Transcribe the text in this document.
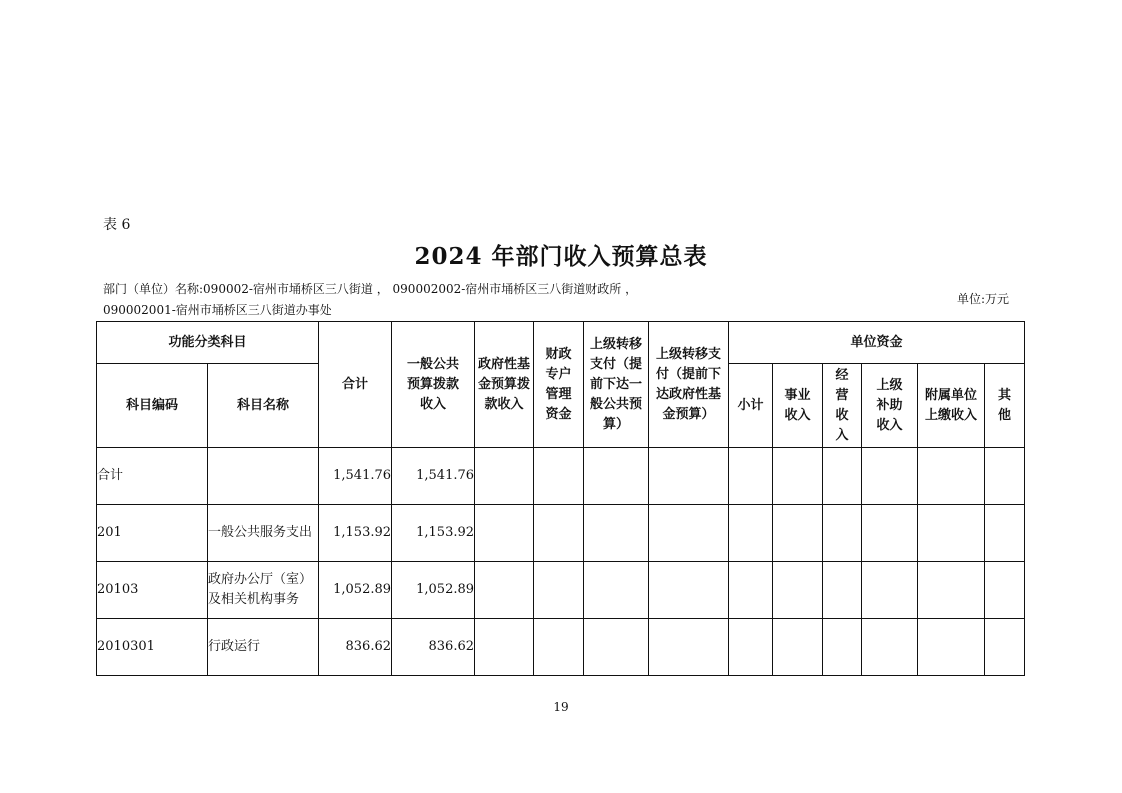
表 6
2024 年部门收入预算总表
部门（单位）名称:090002-宿州市埇桥区三八街道 ， 090002002-宿州市埇桥区三八街道财政所 ，
090002001-宿州市埇桥区三八街道办事处
单位:万元
功能分类科目		合计	一般公共预算拨款收入	政府性基金预算拨款收入	财政专户管理资金	上级转移支付（提前下达一般公共预算）	上级转移支付（提前下达政府性基金预算）	单位资金					
科目编码	科目名称							小计	事业收入	经营收入	上级补助收入	附属单位上缴收入	其他
合计		1,541.76	1,541.76										
201	一般公共服务支出	1,153.92	1,153.92										
20103	政府办公厅（室）及相关机构事务	1,052.89	1,052.89										
2010301	行政运行	836.62	836.62										
19
